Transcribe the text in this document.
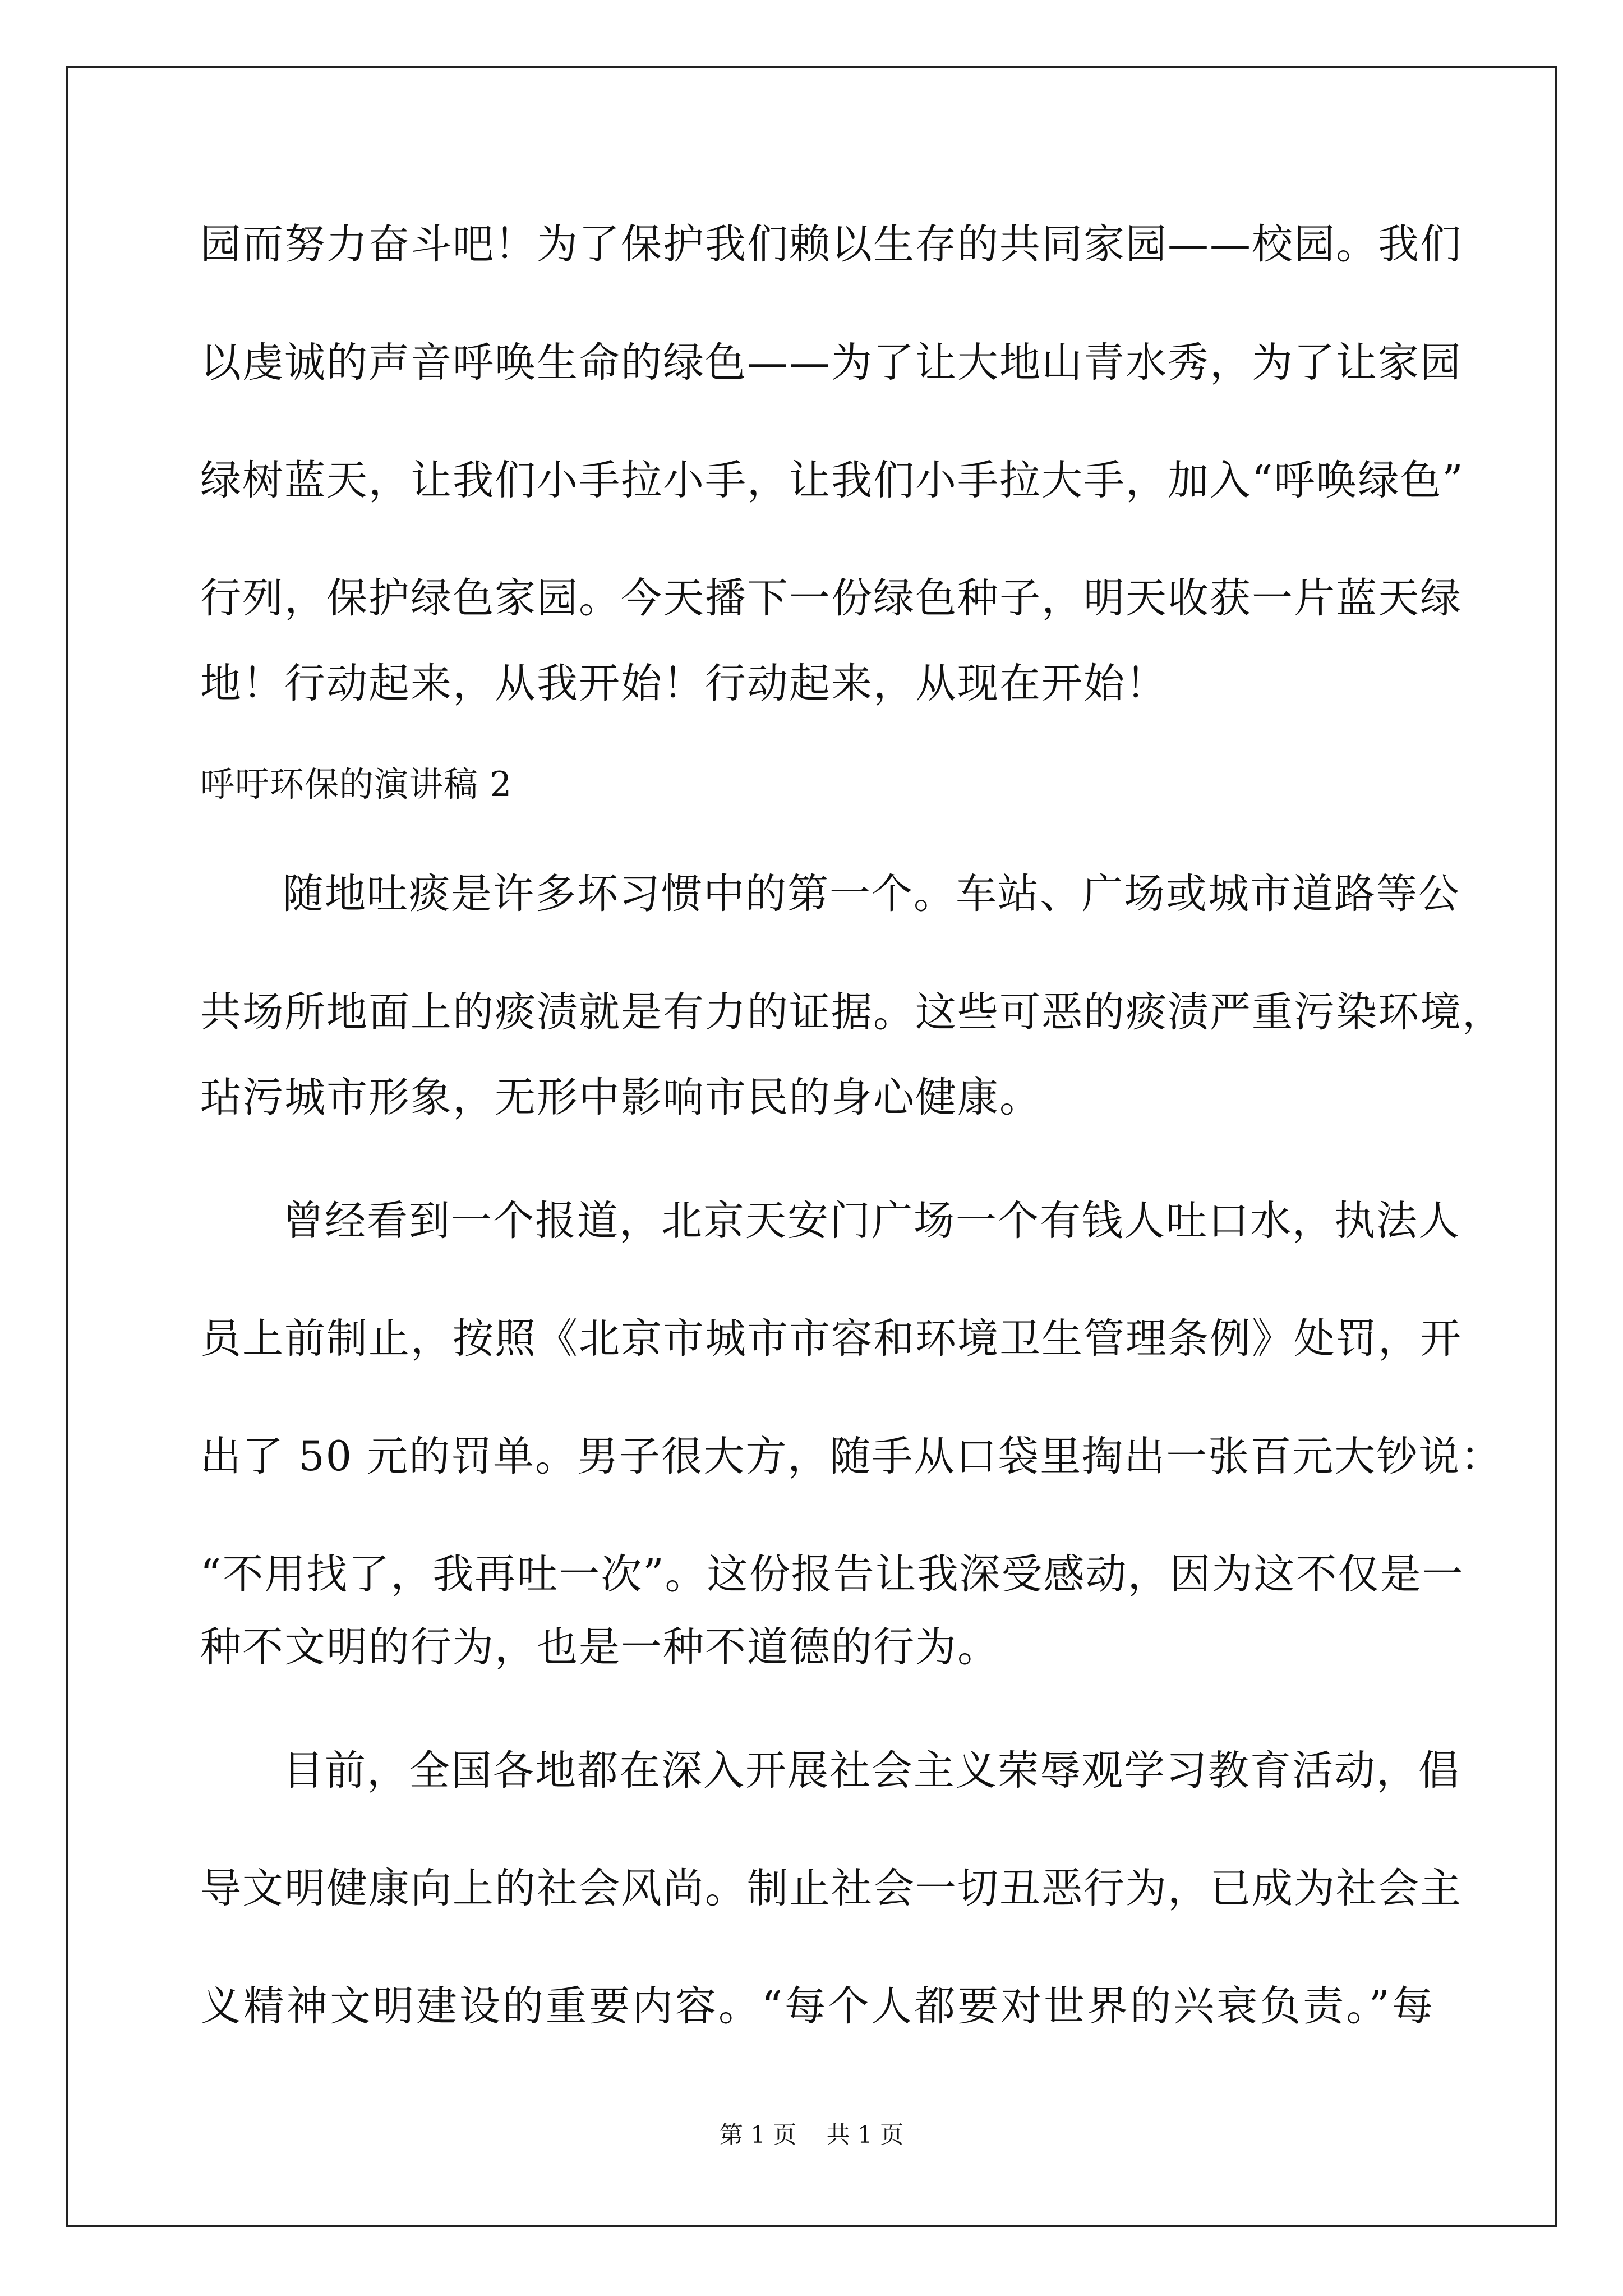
园而努力奋斗吧！为了保护我们赖以生存的共同家园——校园。我们
以虔诚的声音呼唤生命的绿色——为了让大地山青水秀，为了让家园
绿树蓝天，让我们小手拉小手，让我们小手拉大手，加入“呼唤绿色”
行列，保护绿色家园。今天播下一份绿色种子，明天收获一片蓝天绿
地！行动起来，从我开始！行动起来，从现在开始！
呼吁环保的演讲稿 2
随地吐痰是许多坏习惯中的第一个。车站、广场或城市道路等公
共场所地面上的痰渍就是有力的证据。这些可恶的痰渍严重污染环境，
玷污城市形象，无形中影响市民的身心健康。
曾经看到一个报道，北京天安门广场一个有钱人吐口水，执法人
员上前制止，按照《北京市城市市容和环境卫生管理条例》处罚，开
出了 50 元的罚单。男子很大方，随手从口袋里掏出一张百元大钞说：
“不用找了，我再吐一次”。这份报告让我深受感动，因为这不仅是一
种不文明的行为，也是一种不道德的行为。
目前，全国各地都在深入开展社会主义荣辱观学习教育活动，倡
导文明健康向上的社会风尚。制止社会一切丑恶行为，已成为社会主
义精神文明建设的重要内容。“每个人都要对世界的兴衰负责。”每
第 1 页    共 1 页
